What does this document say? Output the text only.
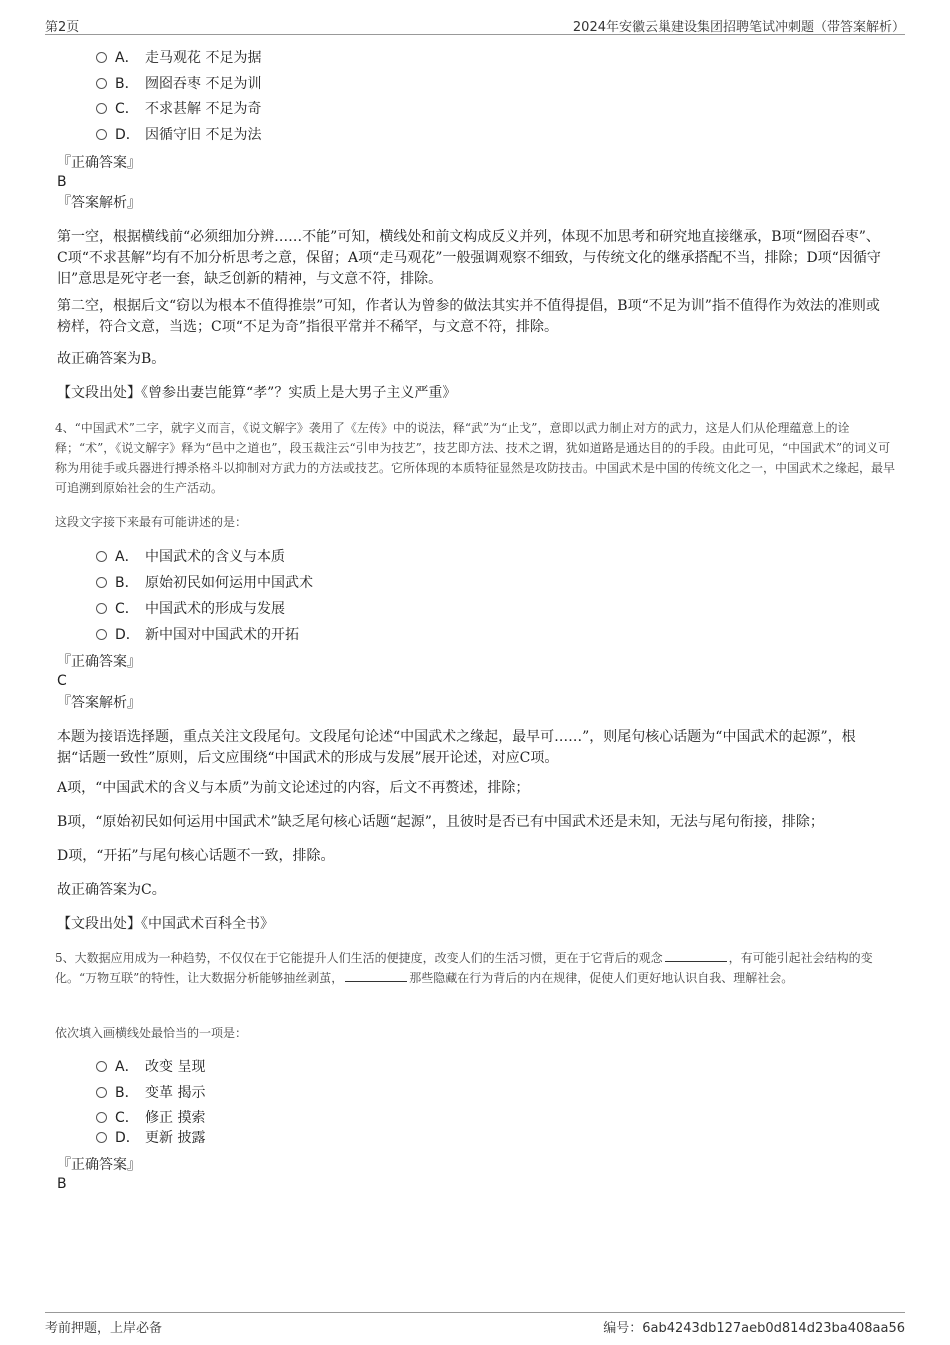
第2页	2024年安徽云巢建设集团招聘笔试冲刺题（带答案解析）
A． 走马观花 不足为据
B． 囫囵吞枣 不足为训
C． 不求甚解 不足为奇
D． 因循守旧 不足为法
『正确答案』
B
『答案解析』
第一空，根据横线前“必须细加分辨……不能”可知，横线处和前文构成反义并列，体现不加思考和研究地直接继承，B项“囫囵吞枣”、C项“不求甚解”均有不加分析思考之意，保留；A项“走马观花”一般强调观察不细致，与传统文化的继承搭配不当，排除；D项“因循守旧”意思是死守老一套，缺乏创新的精神，与文意不符，排除。
第二空，根据后文“窃以为根本不值得推崇”可知，作者认为曾参的做法其实并不值得提倡，B项“不足为训”指不值得作为效法的准则或榜样，符合文意，当选；C项“不足为奇”指很平常并不稀罕，与文意不符，排除。
故正确答案为B。
【文段出处】《曾参出妻岂能算“孝”？实质上是大男子主义严重》
4、“中国武术”二字，就字义而言，《说文解字》袭用了《左传》中的说法，释“武”为“止戈”，意即以武力制止对方的武力，这是人们从伦理蕴意上的诠释；“术”，《说文解字》释为“邑中之道也”，段玉裁注云“引申为技艺”，技艺即方法、技术之谓，犹如道路是通达目的的手段。由此可见，“中国武术”的词义可称为用徒手或兵器进行搏杀格斗以抑制对方武力的方法或技艺。它所体现的本质特征显然是攻防技击。中国武术是中国的传统文化之一，中国武术之缘起，最早可追溯到原始社会的生产活动。
这段文字接下来最有可能讲述的是：
A． 中国武术的含义与本质
B． 原始初民如何运用中国武术
C． 中国武术的形成与发展
D． 新中国对中国武术的开拓
『正确答案』
C
『答案解析』
本题为接语选择题，重点关注文段尾句。文段尾句论述“中国武术之缘起，最早可……”，则尾句核心话题为“中国武术的起源”，根据“话题一致性”原则，后文应围绕“中国武术的形成与发展”展开论述，对应C项。
A项，“中国武术的含义与本质”为前文论述过的内容，后文不再赘述，排除；
B项，“原始初民如何运用中国武术”缺乏尾句核心话题“起源”，且彼时是否已有中国武术还是未知，无法与尾句衔接，排除；
D项，“开拓”与尾句核心话题不一致，排除。
故正确答案为C。
【文段出处】《中国武术百科全书》
5、大数据应用成为一种趋势，不仅仅在于它能提升人们生活的便捷度，改变人们的生活习惯，更在于它背后的观念	，有可能引起社会结构的变化。“万物互联”的特性，让大数据分析能够抽丝剥茧，	那些隐藏在行为背后的内在规律，促使人们更好地认识自我、理解社会。
依次填入画横线处最恰当的一项是：
A． 改变 呈现
B． 变革 揭示
C． 修正 摸索
D． 更新 披露
『正确答案』
B
考前押题，上岸必备	编号：6ab4243db127aeb0d814d23ba408aa56
